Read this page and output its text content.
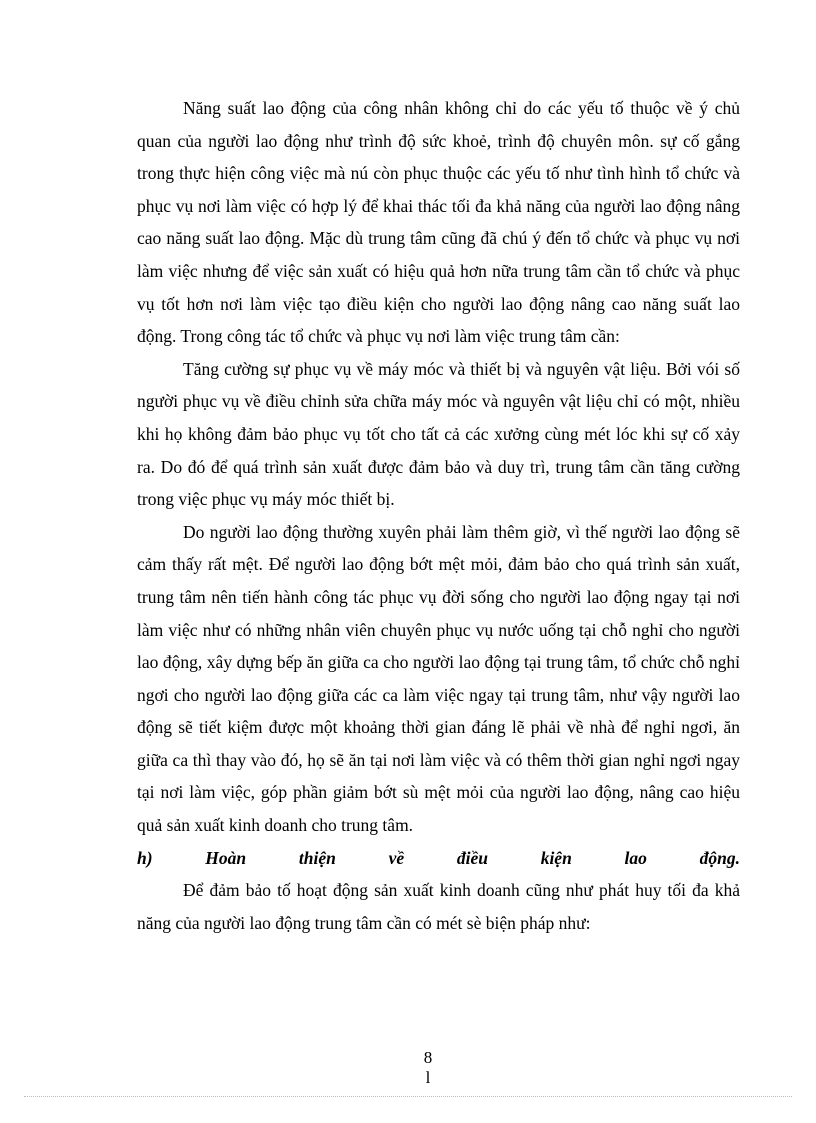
Năng suất lao động của công nhân không chỉ do các yếu tố thuộc về ý chủ quan của người lao động như trình độ sức khoẻ, trình độ chuyên môn. sự cố gắng trong thực hiện công việc mà nú còn phục thuộc các yếu tố như tình hình tổ chức và phục vụ nơi làm việc có hợp lý để khai thác tối đa khả năng của người lao động nâng cao năng suất lao động. Mặc dù trung tâm cũng đã chú ý đến tổ chức và phục vụ nơi làm việc nhưng để việc sản xuất có hiệu quả hơn nữa trung tâm cần tổ chức và phục vụ tốt hơn nơi làm việc tạo điều kiện cho người lao động nâng cao năng suất lao động. Trong công tác tổ chức và phục vụ nơi làm việc trung tâm cần:

Tăng cường sự phục vụ về máy móc và thiết bị và nguyên vật liệu. Bởi vói số người phục vụ về điều chỉnh sửa chữa máy móc và nguyên vật liệu chỉ có một, nhiều khi họ không đảm bảo phục vụ tốt cho tất cả các xưởng cùng mét lóc khi sự cố xảy ra. Do đó để quá trình sản xuất được đảm bảo và duy trì, trung tâm cần tăng cường trong việc phục vụ máy móc thiết bị.

Do người lao động thường xuyên phải làm thêm giờ, vì thế người lao động sẽ cảm thấy rất mệt. Để người lao động bớt mệt mỏi, đảm bảo cho quá trình sản xuất, trung tâm nên tiến hành công tác phục vụ đời sống cho người lao động ngay tại nơi làm việc như có những nhân viên chuyên phục vụ nước uống tại chỗ nghỉ cho người lao động, xây dựng bếp ăn giữa ca cho người lao động tại trung tâm, tổ chức chỗ nghỉ ngơi cho người lao động giữa các ca làm việc ngay tại trung tâm, như vậy người lao động sẽ tiết kiệm được một khoảng thời gian đáng lẽ phải về nhà để nghỉ ngơi, ăn giữa ca thì thay vào đó, họ sẽ ăn tại nơi làm việc và có thêm thời gian nghỉ ngơi ngay tại nơi làm việc, góp phần giảm bớt sù mệt mỏi của người lao động, nâng cao hiệu quả sản xuất kinh doanh cho trung tâm.

h) Hoàn thiện về điều kiện lao động.

Để đảm bảo tố hoạt động sản xuất kinh doanh cũng như phát huy tối đa khả năng của người lao động trung tâm cần có mét sè biện pháp như:

8
l
